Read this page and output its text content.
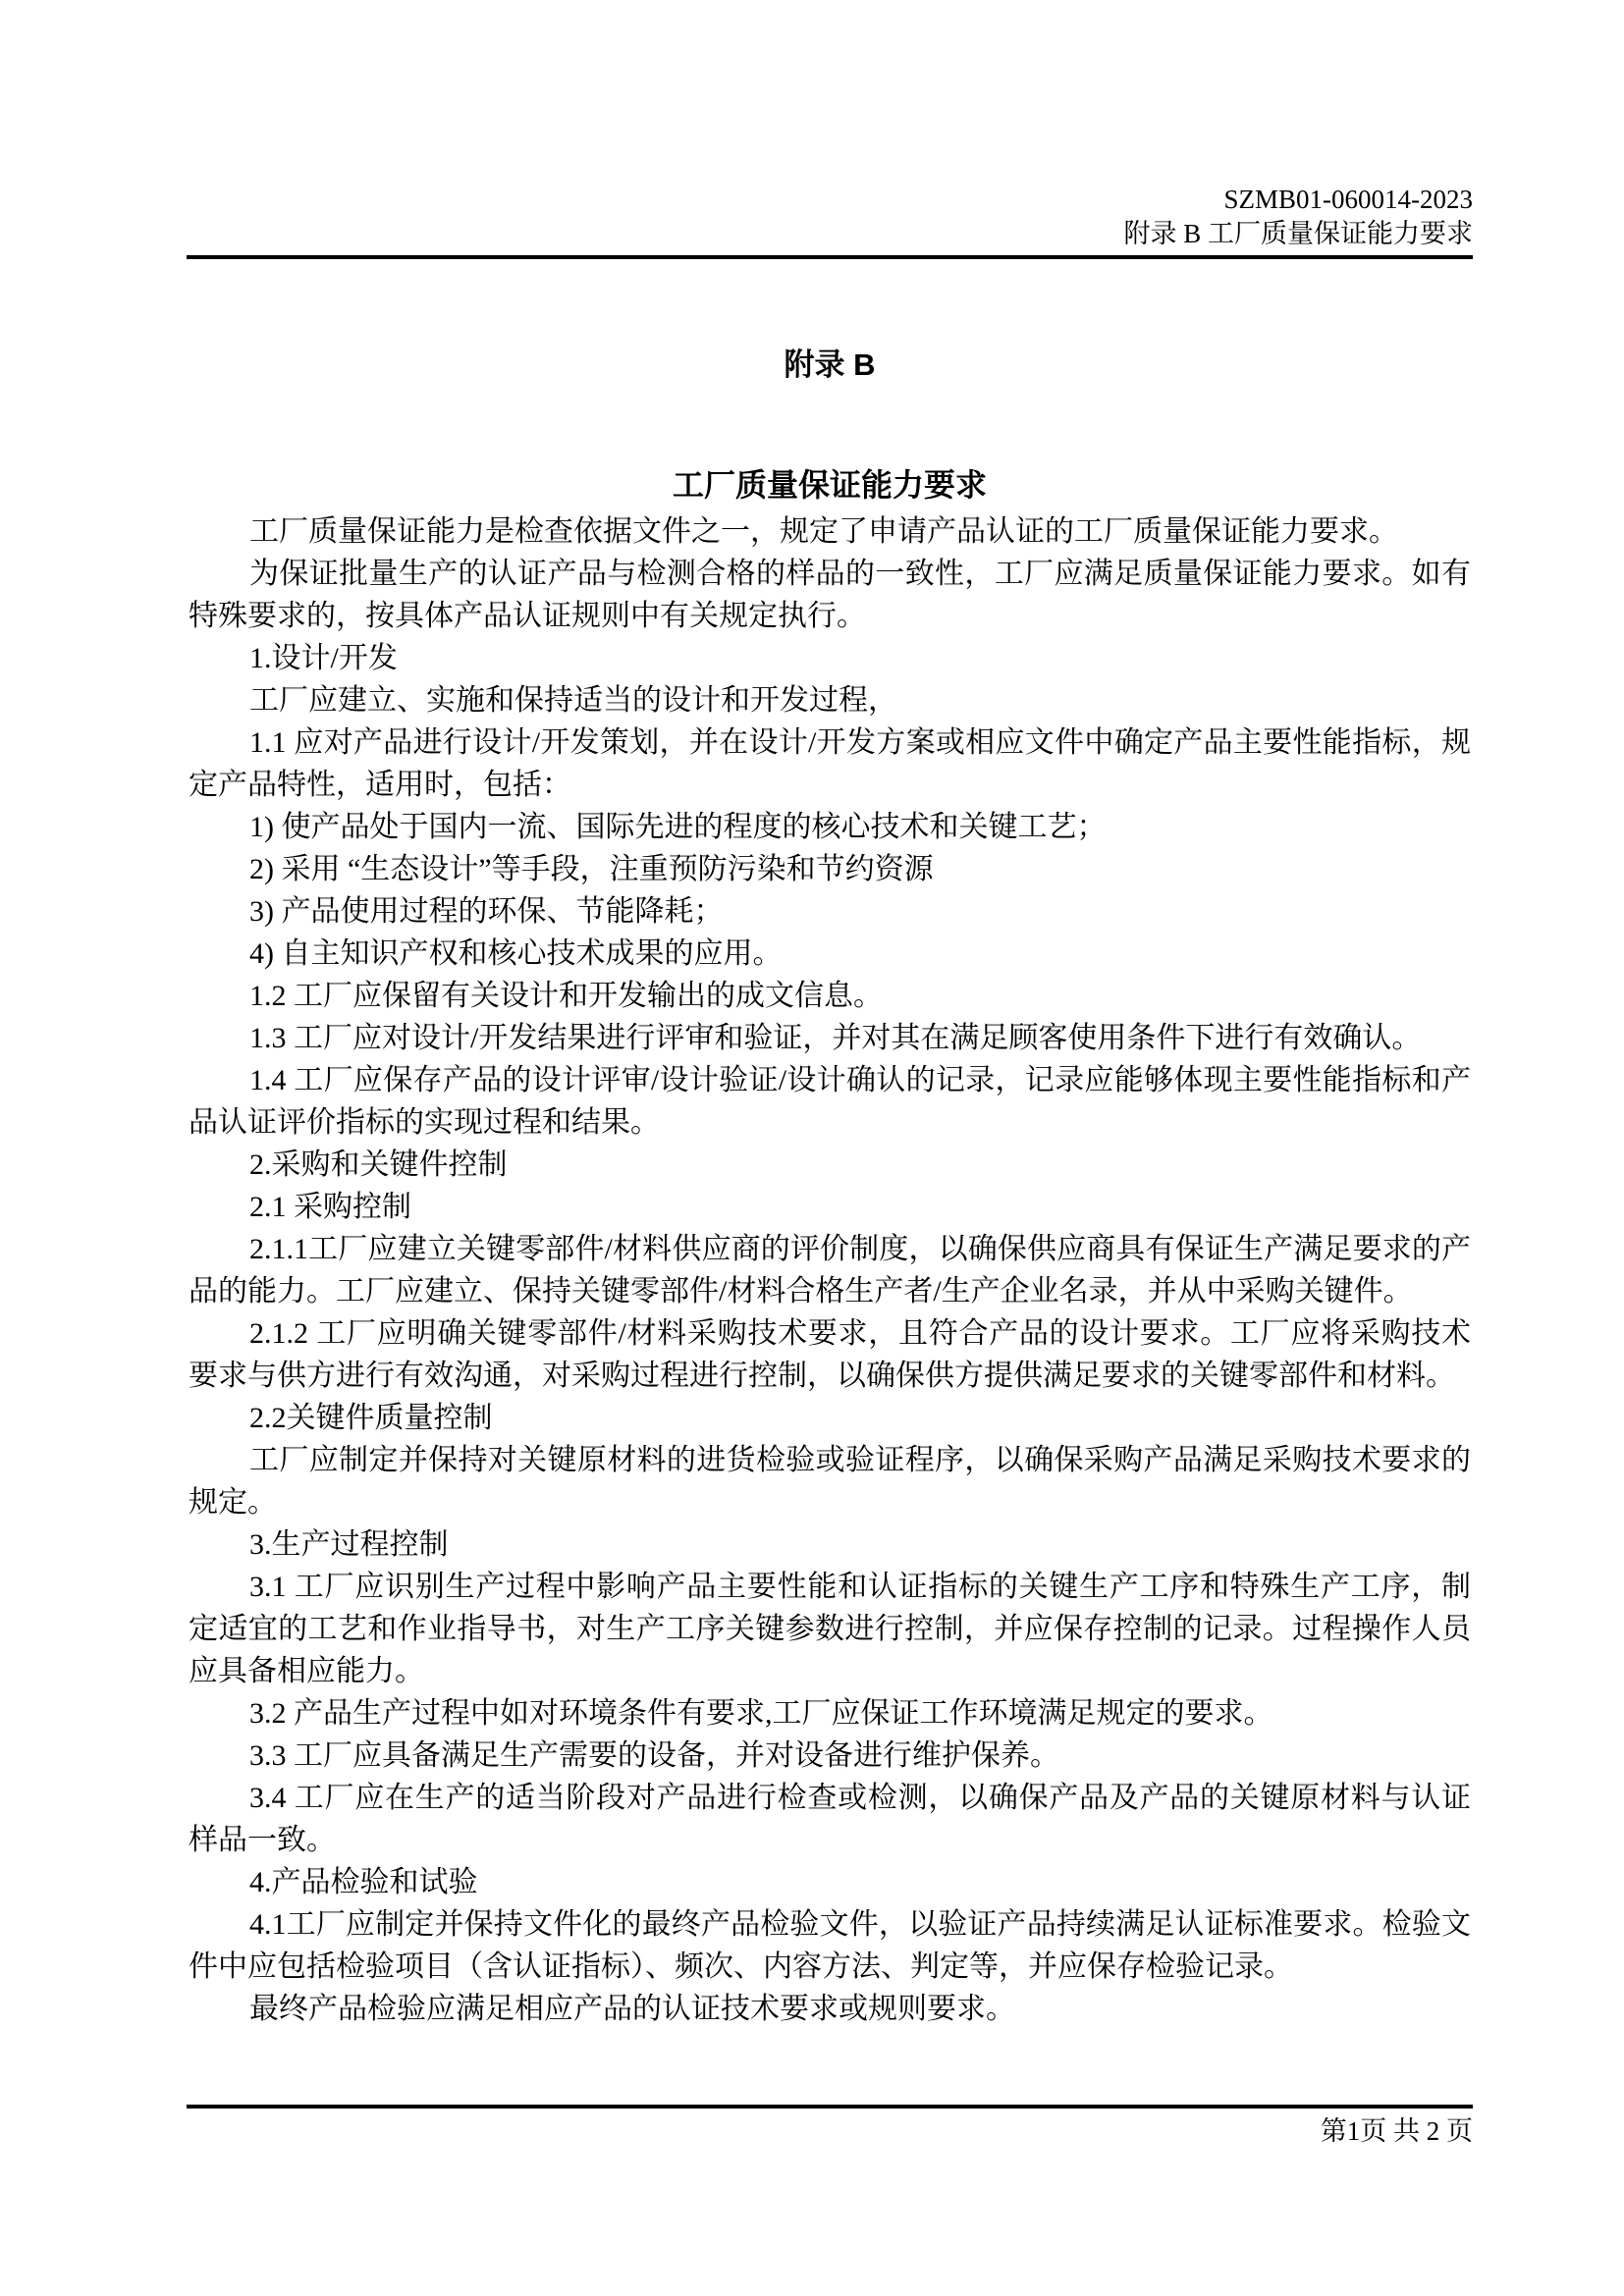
SZMB01-060014-2023
附录 B 工厂质量保证能力要求
附录 B
工厂质量保证能力要求

工厂质量保证能力是检查依据文件之一，规定了申请产品认证的工厂质量保证能力要求。

为保证批量生产的认证产品与检测合格的样品的一致性，工厂应满足质量保证能力要求。如有特殊要求的，按具体产品认证规则中有关规定执行。

1.设计/开发

工厂应建立、实施和保持适当的设计和开发过程，

1.1 应对产品进行设计/开发策划，并在设计/开发方案或相应文件中确定产品主要性能指标，规定产品特性，适用时，包括：

1) 使产品处于国内一流、国际先进的程度的核心技术和关键工艺；

2) 采用 “生态设计”等手段，注重预防污染和节约资源

3) 产品使用过程的环保、节能降耗；

4) 自主知识产权和核心技术成果的应用。

1.2 工厂应保留有关设计和开发输出的成文信息。

1.3 工厂应对设计/开发结果进行评审和验证，并对其在满足顾客使用条件下进行有效确认。

1.4 工厂应保存产品的设计评审/设计验证/设计确认的记录，记录应能够体现主要性能指标和产品认证评价指标的实现过程和结果。

2.采购和关键件控制

2.1 采购控制

2.1.1工厂应建立关键零部件/材料供应商的评价制度，以确保供应商具有保证生产满足要求的产品的能力。工厂应建立、保持关键零部件/材料合格生产者/生产企业名录，并从中采购关键件。

2.1.2 工厂应明确关键零部件/材料采购技术要求，且符合产品的设计要求。工厂应将采购技术要求与供方进行有效沟通，对采购过程进行控制，以确保供方提供满足要求的关键零部件和材料。

2.2关键件质量控制

工厂应制定并保持对关键原材料的进货检验或验证程序，以确保采购产品满足采购技术要求的规定。

3.生产过程控制

3.1 工厂应识别生产过程中影响产品主要性能和认证指标的关键生产工序和特殊生产工序，制定适宜的工艺和作业指导书，对生产工序关键参数进行控制，并应保存控制的记录。过程操作人员应具备相应能力。

3.2 产品生产过程中如对环境条件有要求,工厂应保证工作环境满足规定的要求。

3.3 工厂应具备满足生产需要的设备，并对设备进行维护保养。

3.4 工厂应在生产的适当阶段对产品进行检查或检测，以确保产品及产品的关键原材料与认证样品一致。

4.产品检验和试验

4.1工厂应制定并保持文件化的最终产品检验文件，以验证产品持续满足认证标准要求。检验文件中应包括检验项目（含认证指标）、频次、内容方法、判定等，并应保存检验记录。

最终产品检验应满足相应产品的认证技术要求或规则要求。

第1页 共 2 页
